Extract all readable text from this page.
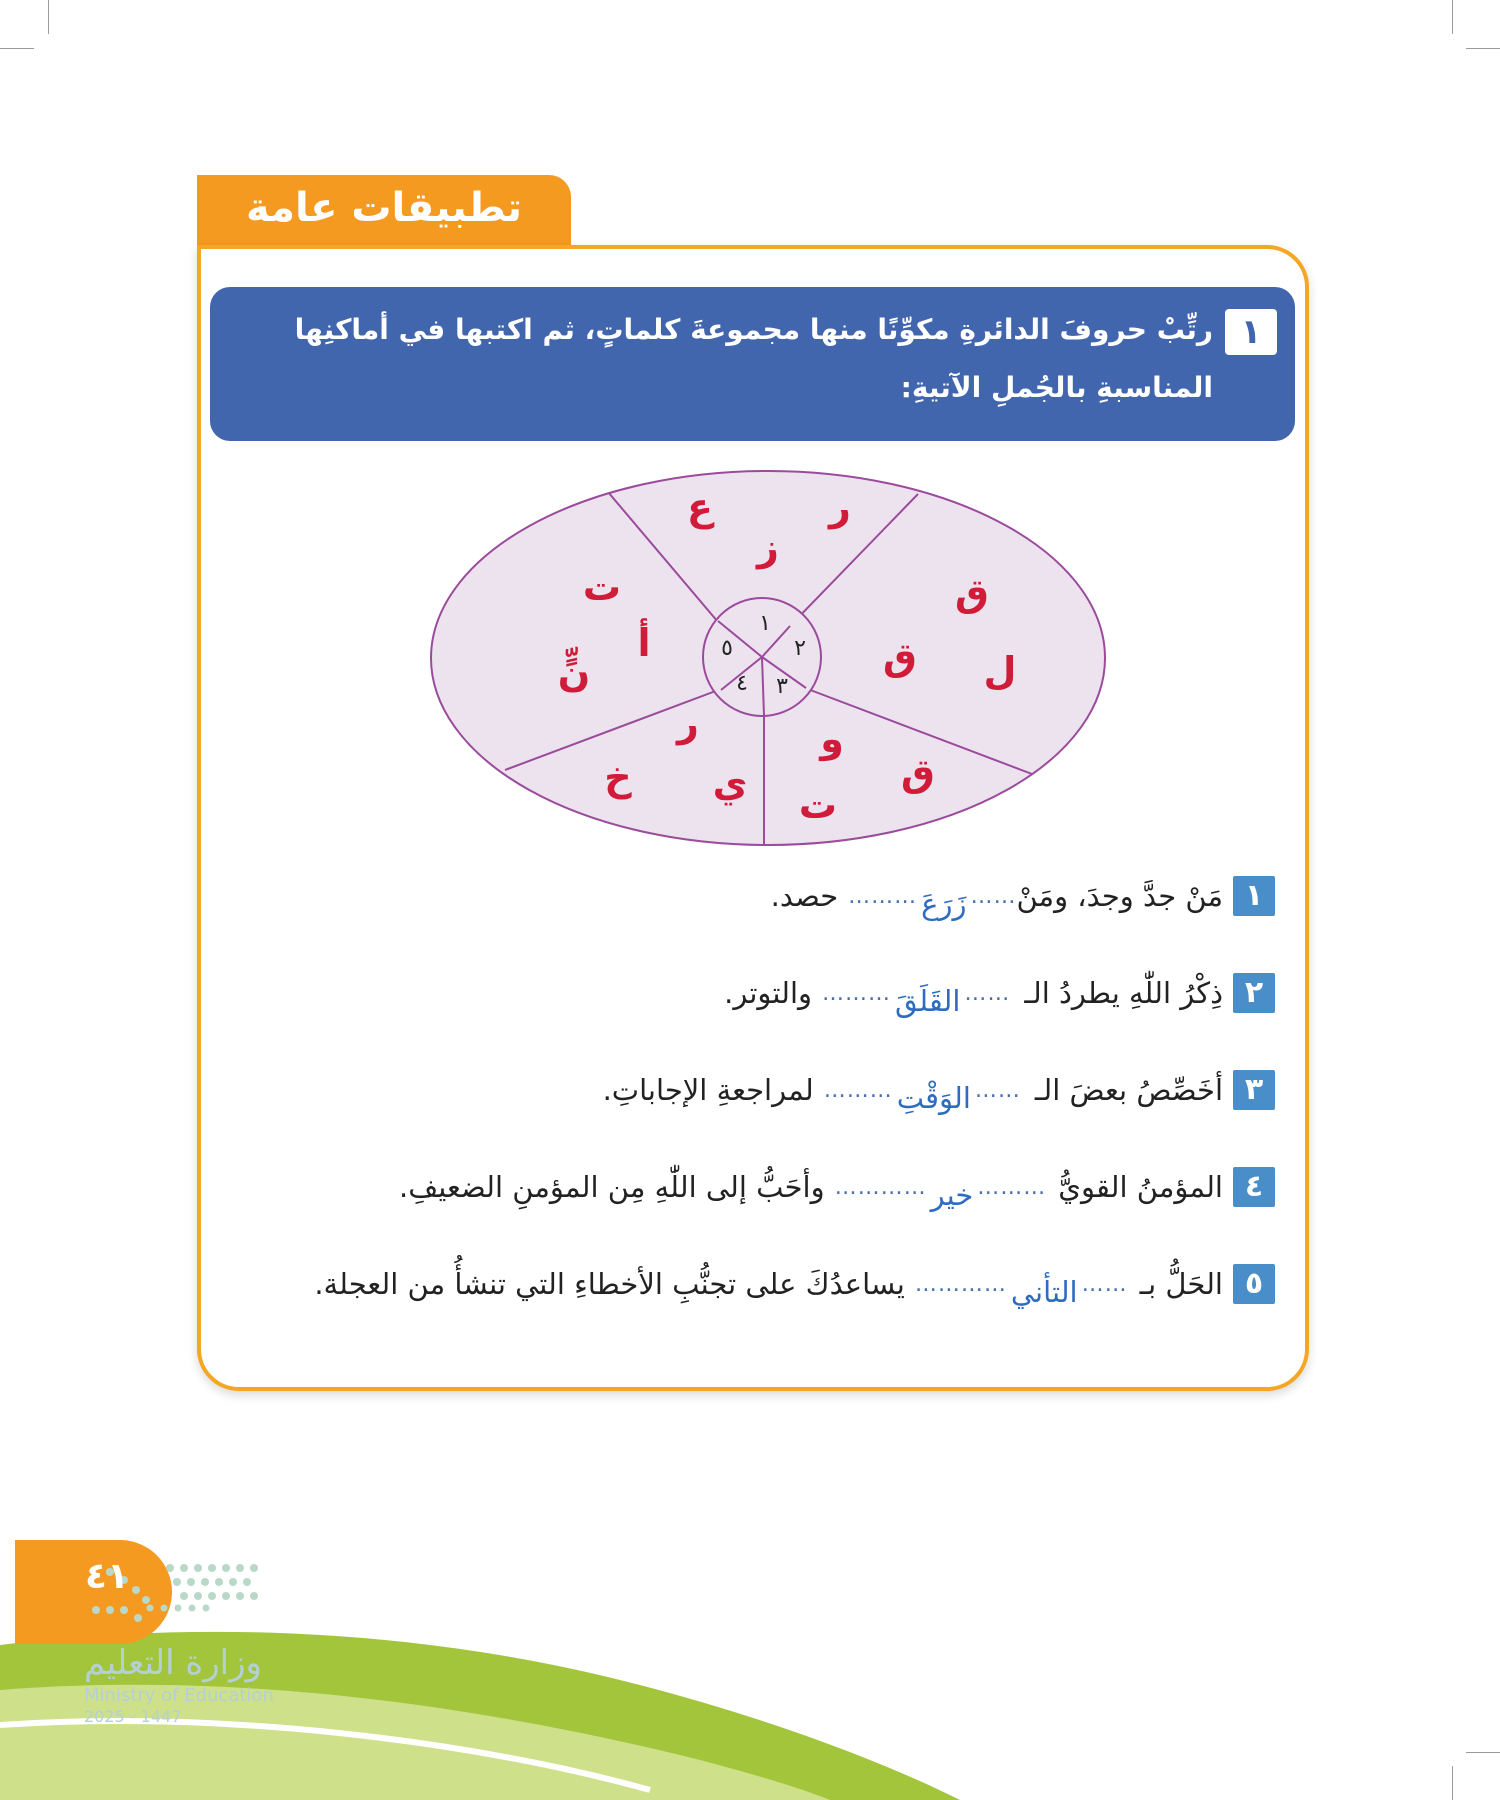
تطبيقات عامة
١
رتِّبْ حروفَ الدائرةِ مكوِّنًا منها مجموعةَ كلماتٍ، ثم اكتبها في أماكنِها المناسبةِ بالجُملِ الآتيةِ:
١
٢
٣
٤
٥
ر
ع
ز
ق
ق ل
و
ق
ت
ي
ر
خ
ت
أ
نٍّ
١
مَنْ جدَّ وجدَ، ومَنْ
……
زَرَعَ
………
حصد.
٢
ذِكْرُ اللّٰهِ يطردُ الـ
……
القَلَقَ
………
والتوتر.
٣
أخَصِّصُ بعضَ الـ
……
الوَقْتِ
………
لمراجعةِ الإجاباتِ.
٤
المؤمنُ القويُّ
………
خير
…………
وأحَبُّ إلى اللّٰهِ مِن المؤمنِ الضعيفِ.
٥
الحَلُّ بـ
……
التأني
…………
يساعدُكَ على تجنُّبِ الأخطاءِ التي تنشأُ من العجلة.
٤١
وزارة التعليم
Ministry of Education
2025 - 1447
